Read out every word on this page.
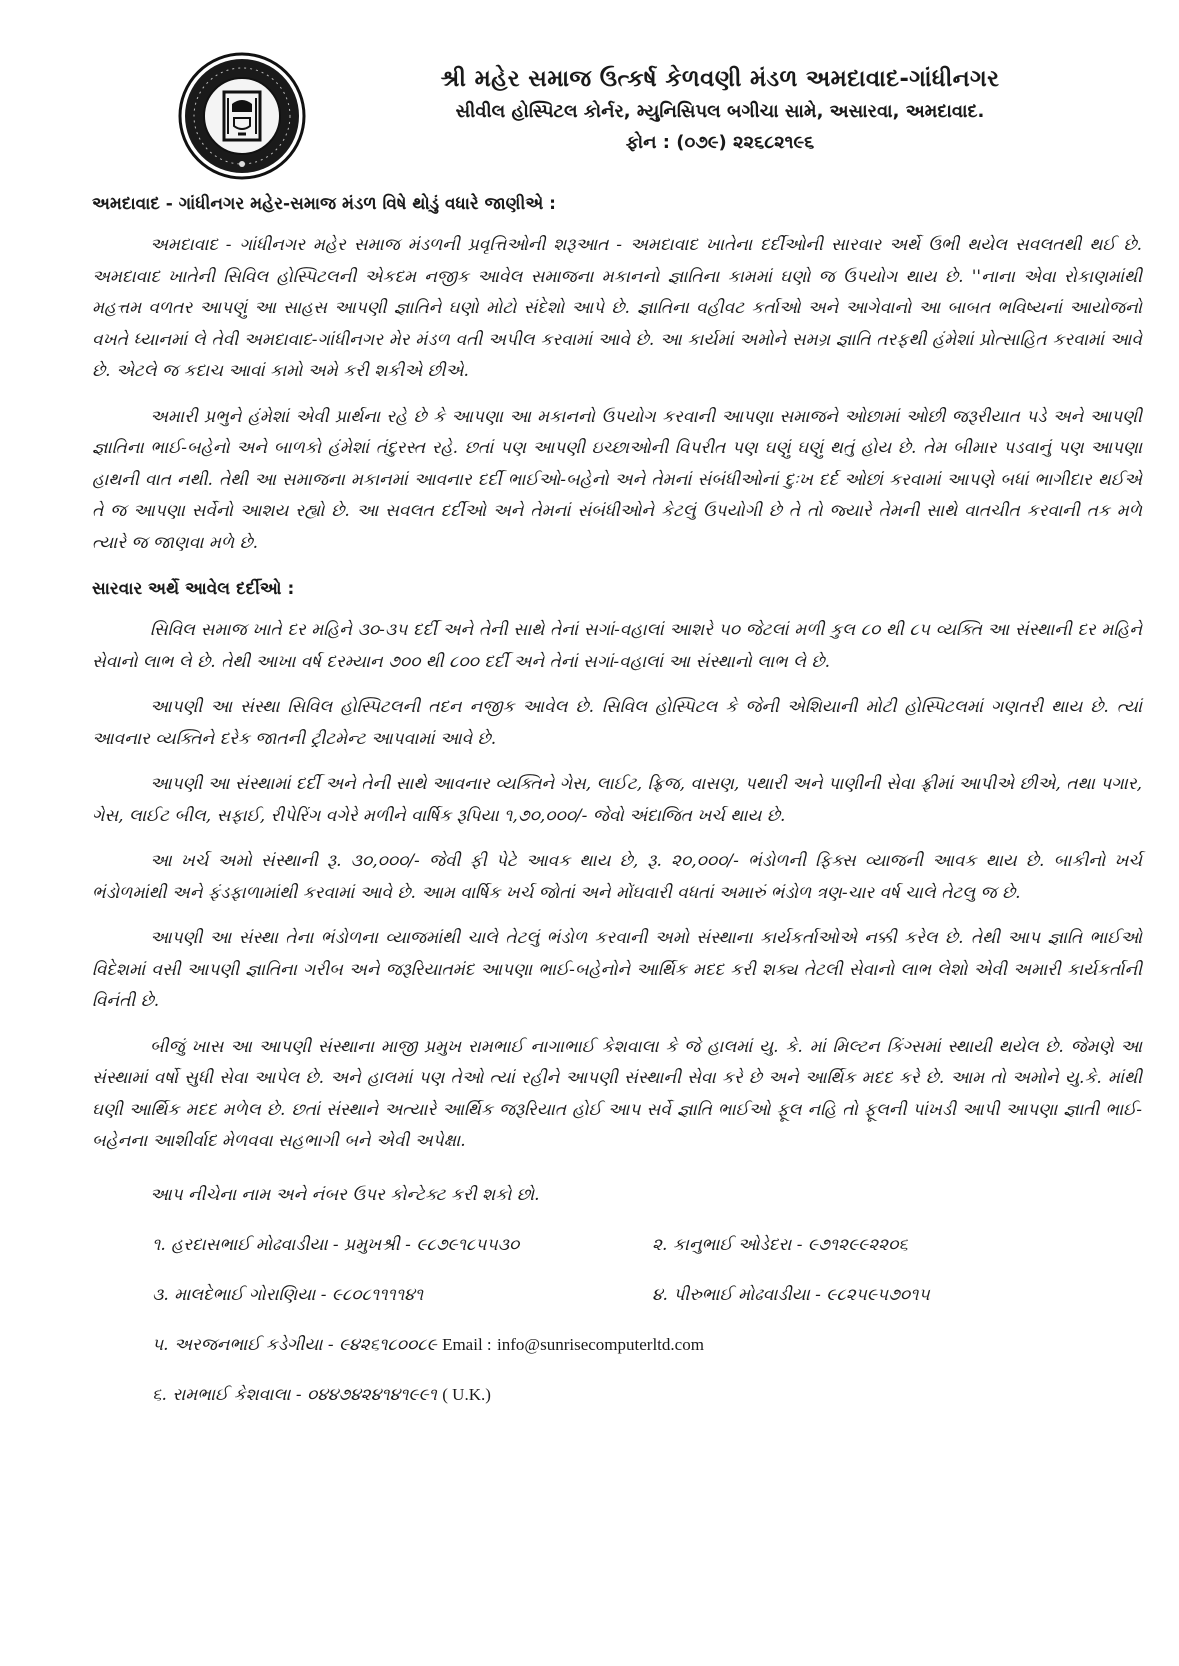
શ્રી મહેર સમાજ ઉત્કર્ષ કેળવણી મંડળ અમદાવાદ-ગાંધીનગર
સીવીલ હોસ્પિટલ કોર્નર, મ્યુનિસિપલ બગીચા સામે, અસારવા, અમદાવાદ.
ફોન : (૦૭૯) ૨૨૬૮૨૧૯૬
અમદાવાદ - ગાંધીનગર મહેર-સમાજ મંડળ વિષે થોડું વધારે જાણીએ :

અમદાવાદ - ગાંધીનગર મહેર સમાજ મંડળની પ્રવૃત્તિઓની શરૂઆત - અમદાવાદ ખાતેના દર્દીઓની સારવાર અર્થે ઉભી થયેલ સવલતથી થઈ છે. અમદાવાદ ખાતેની સિવિલ હોસ્પિટલની એકદમ નજીક આવેલ સમાજના મકાનનો જ્ઞાતિના કામમાં ઘણો જ ઉપયોગ થાય છે. ''નાના એવા રોકાણમાંથી મહત્તમ વળતર આપણું આ સાહસ આપણી જ્ઞાતિને ઘણો મોટો સંદેશો આપે છે. જ્ઞાતિના વહીવટ કર્તાઓ અને આગેવાનો આ બાબત ભવિષ્યનાં આયોજનો વખતે ધ્યાનમાં લે તેવી અમદાવાદ-ગાંધીનગર મેર મંડળ વતી અપીલ કરવામાં આવે છે. આ કાર્યમાં અમોને સમગ્ર જ્ઞાતિ તરફથી હંમેશાં પ્રોત્સાહિત કરવામાં આવે છે. એટલે જ કદાચ આવાં કામો અમે કરી શકીએ છીએ.

અમારી પ્રભુને હંમેશાં એવી પ્રાર્થના રહે છે કે આપણા આ મકાનનો ઉપયોગ કરવાની આપણા સમાજને ઓછામાં ઓછી જરૂરીયાત પડે અને આપણી જ્ઞાતિના ભાઈ-બહેનો અને બાળકો હંમેશાં તંદુરસ્ત રહે. છતાં પણ આપણી ઇચ્છાઓની વિપરીત પણ ઘણું ઘણું થતું હોય છે. તેમ બીમાર પડવાનું પણ આપણા હાથની વાત નથી. તેથી આ સમાજના મકાનમાં આવનાર દર્દી ભાઈઓ-બહેનો અને તેમનાં સંબંધીઓનાં દુઃખ દર્દ ઓછાં કરવામાં આપણે બધાં ભાગીદાર થઈએ તે જ આપણા સર્વેનો આશય રહ્યો છે. આ સવલત દર્દીઓ અને તેમનાં સંબંધીઓને કેટલું ઉપયોગી છે તે તો જ્યારે તેમની સાથે વાતચીત કરવાની તક મળે ત્યારે જ જાણવા મળે છે.

સારવાર અર્થે આવેલ દર્દીઓ :

સિવિલ સમાજ ખાતે દર મહિને ૩૦-૩૫ દર્દી અને તેની સાથે તેનાં સગાં-વહાલાં આશરે ૫૦ જેટલાં મળી કુલ ૮૦ થી ૮૫ વ્યક્તિ આ સંસ્થાની દર મહિને સેવાનો લાભ લે છે. તેથી આખા વર્ષ દરમ્યાન ૭૦૦ થી ૮૦૦ દર્દી અને તેનાં સગાં-વહાલાં આ સંસ્થાનો લાભ લે છે.

આપણી આ સંસ્થા સિવિલ હોસ્પિટલની તદન નજીક આવેલ છે. સિવિલ હોસ્પિટલ કે જેની એશિયાની મોટી હોસ્પિટલમાં ગણતરી થાય છે. ત્યાં આવનાર વ્યક્તિને દરેક જાતની ટ્રીટમેન્ટ આપવામાં આવે છે.

આપણી આ સંસ્થામાં દર્દી અને તેની સાથે આવનાર વ્યક્તિને ગેસ, લાઈટ, ફ્રિજ, વાસણ, પથારી અને પાણીની સેવા ફ્રીમાં આપીએ છીએ, તથા પગાર, ગેસ, લાઈટ બીલ, સફાઈ, રીપેરિંગ વગેરે મળીને વાર્ષિક રૂપિયા ૧,૭૦,૦૦૦/- જેવો અંદાજિત ખર્ચ થાય છે.

આ ખર્ચ અમો સંસ્થાની રૂ. ૩૦,૦૦૦/- જેવી ફી પેટે આવક થાય છે, રૂ. ૨૦,૦૦૦/- ભંડોળની ફિક્સ વ્યાજની આવક થાય છે. બાકીનો ખર્ચ ભંડોળમાંથી અને ફંડફાળામાંથી કરવામાં આવે છે. આમ વાર્ષિક ખર્ચ જોતાં અને મોંઘવારી વધતાં અમારું ભંડોળ ત્રણ-ચાર વર્ષ ચાલે તેટલુ જ છે.

આપણી આ સંસ્થા તેના ભંડોળના વ્યાજમાંથી ચાલે તેટલું ભંડોળ કરવાની અમો સંસ્થાના કાર્યકર્તાઓએ નક્કી કરેલ છે. તેથી આપ જ્ઞાતિ ભાઈઓ વિદેશમાં વસી આપણી જ્ઞાતિના ગરીબ અને જરૂરિયાતમંદ આપણા ભાઈ-બહેનોને આર્થિક મદદ કરી શક્ય તેટલી સેવાનો લાભ લેશો એવી અમારી કાર્યકર્તાની વિનંતી છે.

બીજું ખાસ આ આપણી સંસ્થાના માજી પ્રમુખ રામભાઈ નાગાભાઈ કેશવાલા કે જે હાલમાં યુ. કે. માં મિલ્ટન કિંગ્સમાં સ્થાયી થયેલ છે. જેમણે આ સંસ્થામાં વર્ષો સુધી સેવા આપેલ છે. અને હાલમાં પણ તેઓ ત્યાં રહીને આપણી સંસ્થાની સેવા કરે છે અને આર્થિક મદદ કરે છે. આમ તો અમોને યુ.કે. માંથી ઘણી આર્થિક મદદ મળેલ છે. છતાં સંસ્થાને અત્યારે આર્થિક જરૂરિયાત હોઈ આપ સર્વે જ્ઞાતિ ભાઈઓ ફૂલ નહિ તો ફૂલની પાંખડી આપી આપણા જ્ઞાતી ભાઈ-બહેનના આશીર્વાદ મેળવવા સહભાગી બને એવી અપેક્ષા.

આપ નીચેના નામ અને નંબર ઉપર કોન્ટેક્ટ કરી શકો છો.
૧. હરદાસભાઈ મોઢવાડીયા - પ્રમુખશ્રી - ૯૮૭૯૧૮૫૫૩૦	૨. કાનુભાઈ ઓડેદરા - ૯૭૧૨૯૯૨૨૦૬
૩. માલદેભાઈ ગોરાણિયા - ૯૮૦૮૧૧૧૧૪૧	૪. પીરુભાઈ મોઢવાડીયા - ૯૮૨૫૯૫૭૦૧૫
૫. અરજનભાઈ કડેગીયા - ૯૪૨૬૧૮૦૦૮૯ Email : info@sunrisecomputerltd.com
૬. રામભાઈ કેશવાલા - ૦૪૪૭૪૨૪૧૪૧૯૯૧ ( U.K.)
